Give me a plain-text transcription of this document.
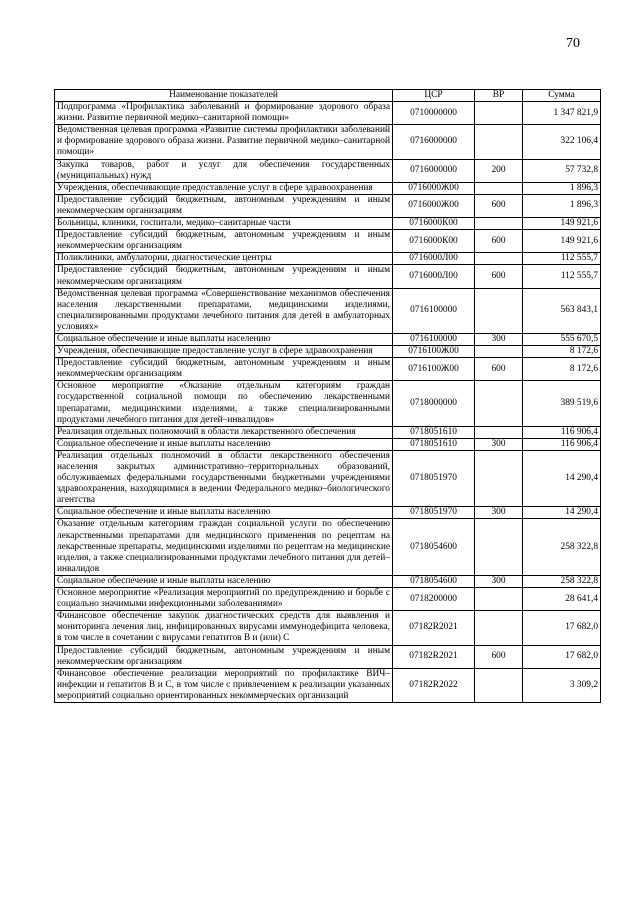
70
Наименование показателей	ЦСР	ВР	Сумма
Подпрограмма «Профилактика заболеваний и формирование здорового образа жизни. Развитие первичной медико–санитарной помощи»	0710000000		1 347 821,9
Ведомственная целевая программа «Развитие системы профилактики заболеваний и формирование здорового образа жизни. Развитие первичной медико–санитарной помощи»	0716000000		322 106,4
Закупка товаров, работ и услуг для обеспечения государственных (муниципальных) нужд	0716000000	200	57 732,8
Учреждения, обеспечивающие предоставление услуг в сфере здравоохранения	0716000Ж00		1 896,3
Предоставление субсидий бюджетным, автономным учреждениям и иным некоммерческим организациям	0716000Ж00	600	1 896,3
Больницы, клиники, госпитали, медико–санитарные части	0716000К00		149 921,6
Предоставление субсидий бюджетным, автономным учреждениям и иным некоммерческим организациям	0716000К00	600	149 921,6
Поликлиники, амбулатории, диагностические центры	0716000Л00		112 555,7
Предоставление субсидий бюджетным, автономным учреждениям и иным некоммерческим организациям	0716000Л00	600	112 555,7
Ведомственная целевая программа «Совершенствование механизмов обеспечения населения лекарственными препаратами, медицинскими изделиями, специализированными продуктами лечебного питания для детей в амбулаторных условиях»	0716100000		563 843,1
Социальное обеспечение и иные выплаты населению	0716100000	300	555 670,5
Учреждения, обеспечивающие предоставление услуг в сфере здравоохранения	0716100Ж00		8 172,6
Предоставление субсидий бюджетным, автономным учреждениям и иным некоммерческим организациям	0716100Ж00	600	8 172,6
Основное мероприятие «Оказание отдельным категориям граждан государственной социальной помощи по обеспечению лекарственными препаратами, медицинскими изделиями, а также специализированными продуктами лечебного питания для детей–инвалидов»	0718000000		389 519,6
Реализация отдельных полномочий в области лекарственного обеспечения	0718051610		116 906,4
Социальное обеспечение и иные выплаты населению	0718051610	300	116 906,4
Реализация отдельных полномочий в области лекарственного обеспечения населения закрытых административно–территориальных образований, обслуживаемых федеральными государственными бюджетными учреждениями здравоохранения, находящимися в ведении Федерального медико–биологического агентства	0718051970		14 290,4
Социальное обеспечение и иные выплаты населению	0718051970	300	14 290,4
Оказание отдельным категориям граждан социальной услуги по обеспечению лекарственными препаратами для медицинского применения по рецептам на лекарственные препараты, медицинскими изделиями по рецептам на медицинские изделия, а также специализированными продуктами лечебного питания для детей–инвалидов	0718054600		258 322,8
Социальное обеспечение и иные выплаты населению	0718054600	300	258 322,8
Основное мероприятие «Реализация мероприятий по предупреждению и борьбе с социально значимыми инфекционными заболеваниями»	0718200000		28 641,4
Финансовое обеспечение закупок диагностических средств для выявления и мониторинга лечения лиц, инфицированных вирусами иммунодефицита человека, в том числе в сочетании с вирусами гепатитов В и (или) С	07182R2021		17 682,0
Предоставление субсидий бюджетным, автономным учреждениям и иным некоммерческим организациям	07182R2021	600	17 682,0
Финансовое обеспечение реализации мероприятий по профилактике ВИЧ–инфекции и гепатитов В и С, в том числе с привлечением к реализации указанных мероприятий социально ориентированных некоммерческих организаций	07182R2022		3 309,2
